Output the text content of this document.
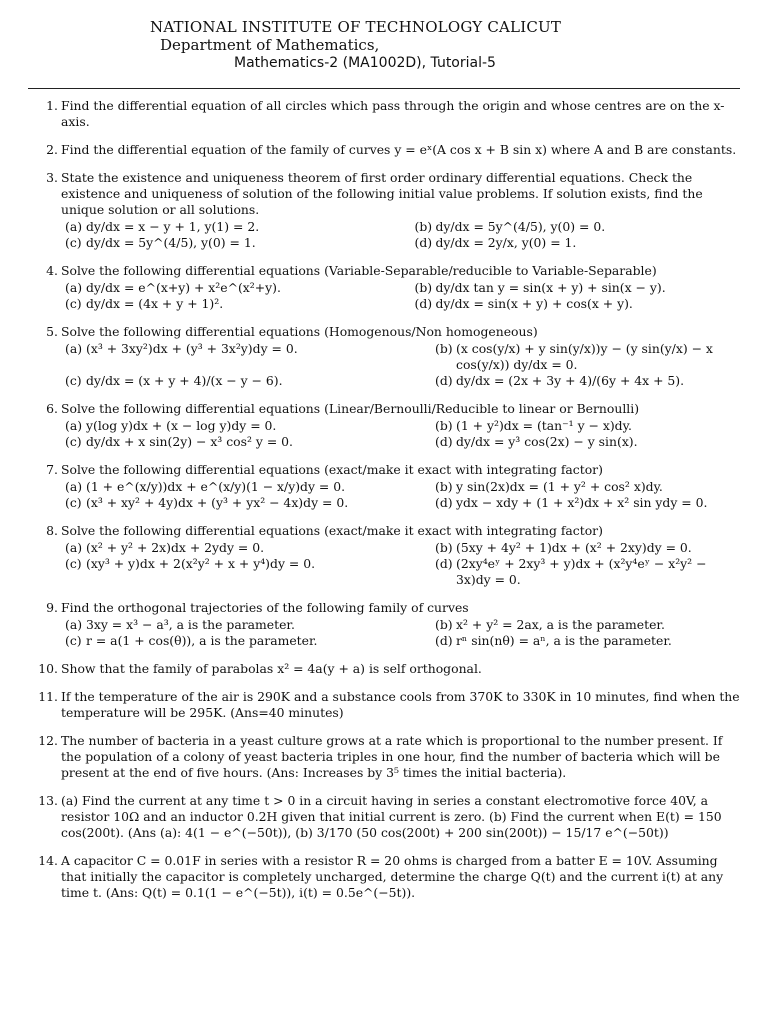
NATIONAL INSTITUTE OF TECHNOLOGY CALICUT
Department of Mathematics,
Mathematics-2 (MA1002D), Tutorial-5
1. Find the differential equation of all circles which pass through the origin and whose centres are on the x-axis.
2. Find the differential equation of the family of curves y = eˣ(A cos x + B sin x) where A and B are constants.
3. State the existence and uniqueness theorem of first order ordinary differential equations. Check the existence and uniqueness of solution of the following initial value problems. If solution exists, find the unique solution or all solutions.
(a) dy/dx = x − y + 1, y(1) = 2.	(b) dy/dx = 5y^(4/5), y(0) = 0.
(c) dy/dx = 5y^(4/5), y(0) = 1.	(d) dy/dx = 2y/x, y(0) = 1.
4. Solve the following differential equations (Variable-Separable/reducible to Variable-Separable)
(a) dy/dx = e^(x+y) + x²e^(x²+y).	(b) dy/dx tan y = sin(x + y) + sin(x − y).
(c) dy/dx = (4x + y + 1)².	(d) dy/dx = sin(x + y) + cos(x + y).
5. Solve the following differential equations (Homogenous/Non homogeneous)
(a) (x³ + 3xy²)dx + (y³ + 3x²y)dy = 0.	(b) (x cos(y/x) + y sin(y/x))y − (y sin(y/x) − x cos(y/x)) dy/dx = 0.
(c) dy/dx = (x + y + 4)/(x − y − 6).	(d) dy/dx = (2x + 3y + 4)/(6y + 4x + 5).
6. Solve the following differential equations (Linear/Bernoulli/Reducible to linear or Bernoulli)
(a) y(log y)dx + (x − log y)dy = 0.	(b) (1 + y²)dx = (tan⁻¹ y − x)dy.
(c) dy/dx + x sin(2y) − x³ cos² y = 0.	(d) dy/dx = y³ cos(2x) − y sin(x).
7. Solve the following differential equations (exact/make it exact with integrating factor)
(a) (1 + e^(x/y))dx + e^(x/y)(1 − x/y)dy = 0.	(b) y sin(2x)dx = (1 + y² + cos² x)dy.
(c) (x³ + xy² + 4y)dx + (y³ + yx² − 4x)dy = 0.	(d) ydx − xdy + (1 + x²)dx + x² sin ydy = 0.
8. Solve the following differential equations (exact/make it exact with integrating factor)
(a) (x² + y² + 2x)dx + 2ydy = 0.	(b) (5xy + 4y² + 1)dx + (x² + 2xy)dy = 0.
(c) (xy³ + y)dx + 2(x²y² + x + y⁴)dy = 0.	(d) (2xy⁴eʸ + 2xy³ + y)dx + (x²y⁴eʸ − x²y² − 3x)dy = 0.
9. Find the orthogonal trajectories of the following family of curves
(a) 3xy = x³ − a³, a is the parameter.	(b) x² + y² = 2ax, a is the parameter.
(c) r = a(1 + cos(θ)), a is the parameter.	(d) rⁿ sin(nθ) = aⁿ, a is the parameter.
10. Show that the family of parabolas x² = 4a(y + a) is self orthogonal.
11. If the temperature of the air is 290K and a substance cools from 370K to 330K in 10 minutes, find when the temperature will be 295K. (Ans=40 minutes)
12. The number of bacteria in a yeast culture grows at a rate which is proportional to the number present. If the population of a colony of yeast bacteria triples in one hour, find the number of bacteria which will be present at the end of five hours. (Ans: Increases by 3⁵ times the initial bacteria).
13. (a) Find the current at any time t > 0 in a circuit having in series a constant electromotive force 40V, a resistor 10Ω and an inductor 0.2H given that initial current is zero. (b) Find the current when E(t) = 150 cos(200t). (Ans (a): 4(1 − e^(−50t)), (b) 3/170 (50 cos(200t) + 200 sin(200t)) − 15/17 e^(−50t))
14. A capacitor C = 0.01F in series with a resistor R = 20 ohms is charged from a batter E = 10V. Assuming that initially the capacitor is completely uncharged, determine the charge Q(t) and the current i(t) at any time t. (Ans: Q(t) = 0.1(1 − e^(−5t)), i(t) = 0.5e^(−5t)).
